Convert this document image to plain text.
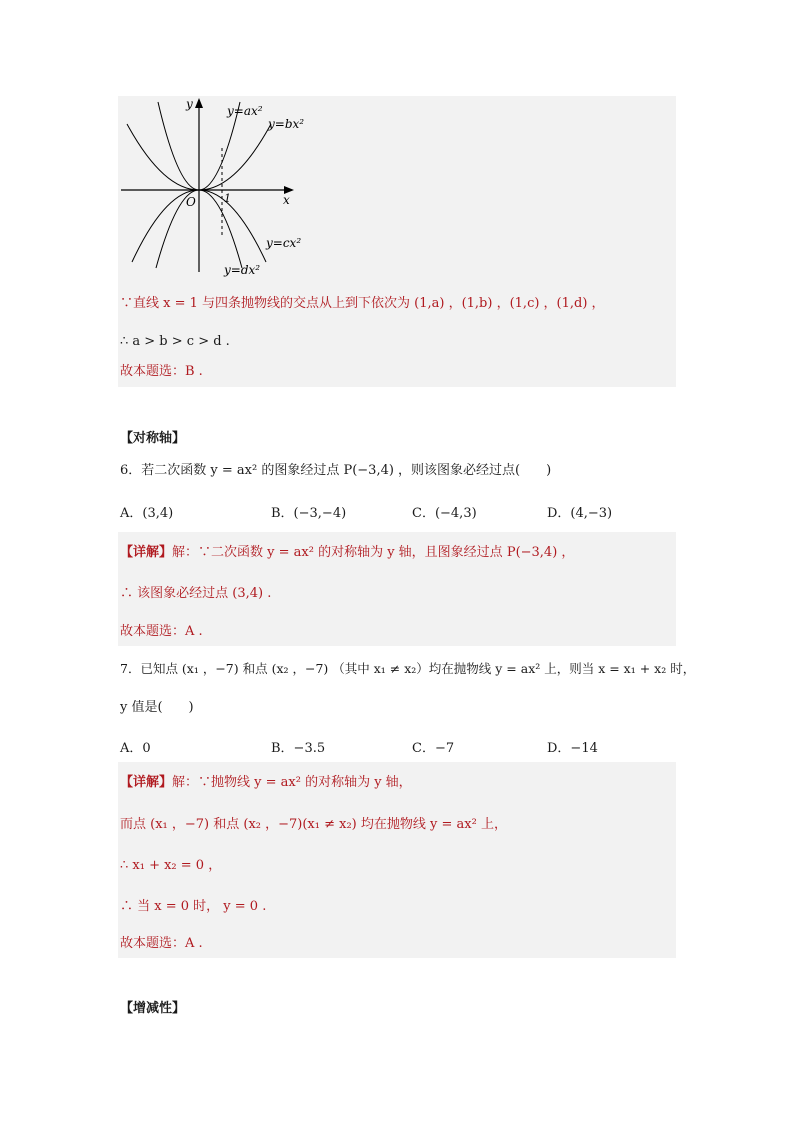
y
x
O	1
y=ax²
y=bx²
y=cx²
y=dx²
∵直线 x = 1 与四条抛物线的交点从上到下依次为 (1,a) ，(1,b) ，(1,c) ，(1,d) ，
∴ a > b > c > d .
故本题选：B .
【对称轴】
6．若二次函数 y = ax² 的图象经过点 P(−3,4) ，则该图象必经过点(　　)
A．(3,4)	B．(−3,−4)	C．(−4,3)	D．(4,−3)
【详解】解：∵二次函数 y = ax² 的对称轴为 y 轴，且图象经过点 P(−3,4) ，
∴ 该图象必经过点 (3,4) .
故本题选：A .
7．已知点 (x₁ ，−7) 和点 (x₂ ，−7) （其中 x₁ ≠ x₂）均在抛物线 y = ax² 上，则当 x = x₁ + x₂ 时，
y 值是(　　)
A．0	B．−3.5	C．−7	D．−14
【详解】解：∵抛物线 y = ax² 的对称轴为 y 轴，
而点 (x₁ ，−7) 和点 (x₂ ，−7)(x₁ ≠ x₂) 均在抛物线 y = ax² 上，
∴ x₁ + x₂ = 0 ，
∴ 当 x = 0 时， y = 0 .
故本题选：A .
【增减性】
